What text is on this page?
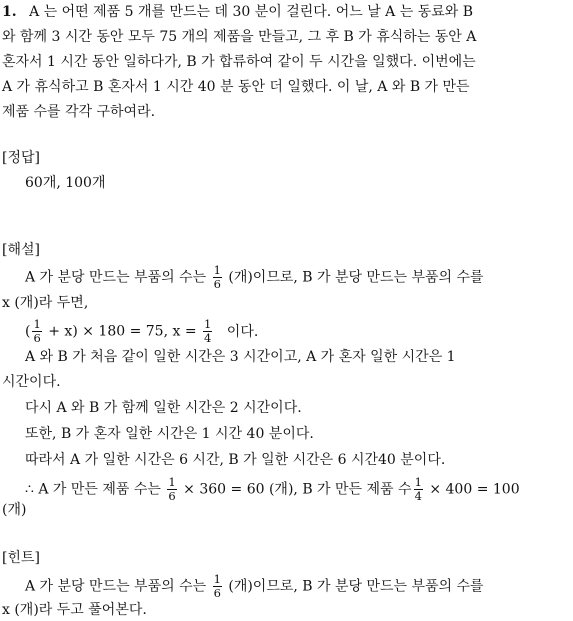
1. A 는 어떤 제품 5 개를 만드는 데 30 분이 걸린다. 어느 날 A 는 동료와 B
와 함께 3 시간 동안 모두 75 개의 제품을 만들고, 그 후 B 가 휴식하는 동안 A
혼자서 1 시간 동안 일하다가, B 가 합류하여 같이 두 시간을 일했다. 이번에는
A 가 휴식하고 B 혼자서 1 시간 40 분 동안 더 일했다. 이 날, A 와 B 가 만든
제품 수를 각각 구하여라.
[정답]
60개, 100개
[해설]
A 가 분당 만드는 부품의 수는 $\frac{1}{6}$ (개)이므로, B 가 분당 만드는 부품의 수를
x (개)라 두면,
( $\frac{1}{6} + x) \times 180 = 75$, $x = \frac{1}{4}$ 이다.
A 와 B 가 처음 같이 일한 시간은 3 시간이고, A 가 혼자 일한 시간은 1
시간이다.
다시 A 와 B 가 함께 일한 시간은 2 시간이다.
또한, B 가 혼자 일한 시간은 1 시간 40 분이다.
따라서 A 가 일한 시간은 6 시간, B 가 일한 시간은 6 시간40 분이다.
∴ A 가 만든 제품 수는 $\frac{1}{6} \times 360 = 60$ (개), B 가 만든 제품 수 $\frac{1}{4} \times 400 = 100$
(개)
[힌트]
A 가 분당 만드는 부품의 수는 $\frac{1}{6}$ (개)이므로, B 가 분당 만드는 부품의 수를
x (개)라 두고 풀어본다.
